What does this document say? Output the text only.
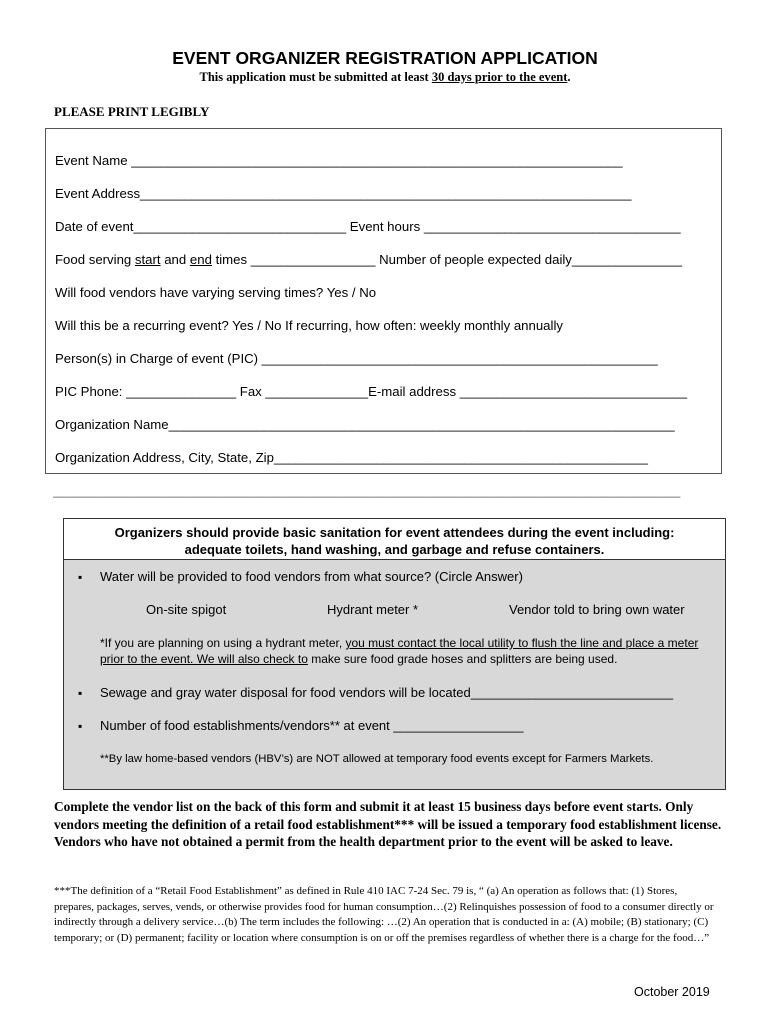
EVENT ORGANIZER REGISTRATION APPLICATION
This application must be submitted at least 30 days prior to the event.
PLEASE PRINT LEGIBLY
Event Name ___________________________________________________________________
Event Address___________________________________________________________________
Date of event_____________________________ Event hours ___________________________________
Food serving start and end times _________________ Number of people expected daily_______________
Will food vendors have varying serving times? Yes / No
Will this be a recurring event? Yes / No If recurring, how often: weekly monthly annually
Person(s) in Charge of event (PIC) ______________________________________________________
PIC Phone: _______________ Fax ______________E-mail address _______________________________
Organization Name_____________________________________________________________________
Organization Address, City, State, Zip___________________________________________________
______________________________________________________________________________________________
Organizers should provide basic sanitation for event attendees during the event including:
adequate toilets, hand washing, and garbage and refuse containers.
▪ Water will be provided to food vendors from what source? (Circle Answer)
On-site spigot	Hydrant meter *	Vendor told to bring own water
*If you are planning on using a hydrant meter, you must contact the local utility to flush the line and place a meter prior to the event. We will also check to make sure food grade hoses and splitters are being used.
▪ Sewage and gray water disposal for food vendors will be located____________________________
▪ Number of food establishments/vendors** at event __________________
**By law home-based vendors (HBV’s) are NOT allowed at temporary food events except for Farmers Markets.
Complete the vendor list on the back of this form and submit it at least 15 business days before event starts. Only vendors meeting the definition of a retail food establishment*** will be issued a temporary food establishment license. Vendors who have not obtained a permit from the health department prior to the event will be asked to leave.
***The definition of a “Retail Food Establishment” as defined in Rule 410 IAC 7-24 Sec. 79 is, “ (a) An operation as follows that: (1) Stores, prepares, packages, serves, vends, or otherwise provides food for human consumption…(2) Relinquishes possession of food to a consumer directly or indirectly through a delivery service…(b) The term includes the following: …(2) An operation that is conducted in a: (A) mobile; (B) stationary; (C) temporary; or (D) permanent; facility or location where consumption is on or off the premises regardless of whether there is a charge for the food…”
October 2019
